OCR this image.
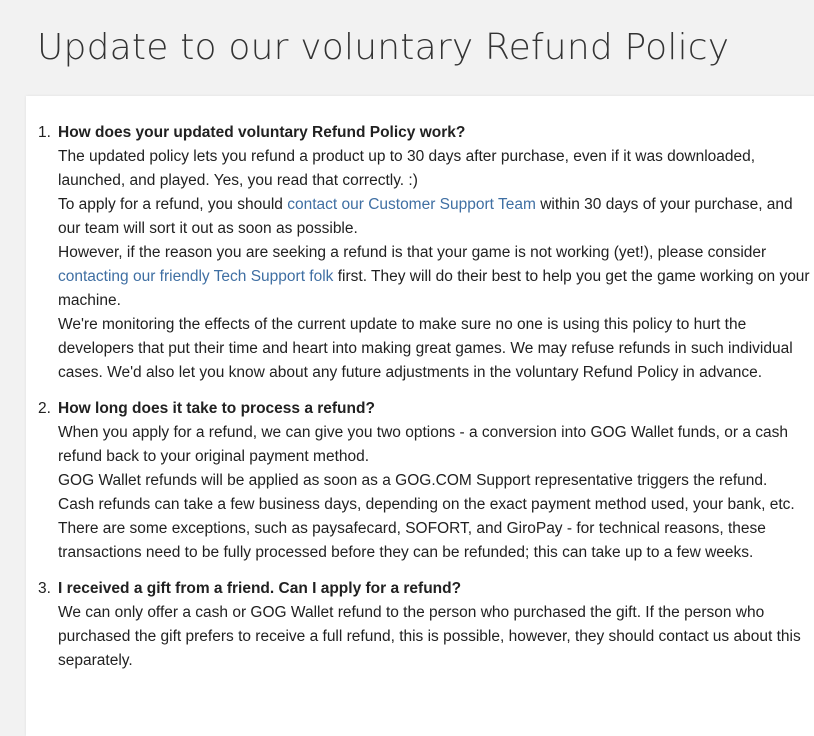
Update to our voluntary Refund Policy
1. How does your updated voluntary Refund Policy work?
The updated policy lets you refund a product up to 30 days after purchase, even if it was downloaded, launched, and played. Yes, you read that correctly. :)
To apply for a refund, you should contact our Customer Support Team within 30 days of your purchase, and our team will sort it out as soon as possible.
However, if the reason you are seeking a refund is that your game is not working (yet!), please consider contacting our friendly Tech Support folk first. They will do their best to help you get the game working on your machine.
We're monitoring the effects of the current update to make sure no one is using this policy to hurt the developers that put their time and heart into making great games. We may refuse refunds in such individual cases. We'd also let you know about any future adjustments in the voluntary Refund Policy in advance.
2. How long does it take to process a refund?
When you apply for a refund, we can give you two options - a conversion into GOG Wallet funds, or a cash refund back to your original payment method.
GOG Wallet refunds will be applied as soon as a GOG.COM Support representative triggers the refund.
Cash refunds can take a few business days, depending on the exact payment method used, your bank, etc.
There are some exceptions, such as paysafecard, SOFORT, and GiroPay - for technical reasons, these transactions need to be fully processed before they can be refunded; this can take up to a few weeks.
3. I received a gift from a friend. Can I apply for a refund?
We can only offer a cash or GOG Wallet refund to the person who purchased the gift. If the person who purchased the gift prefers to receive a full refund, this is possible, however, they should contact us about this separately.
